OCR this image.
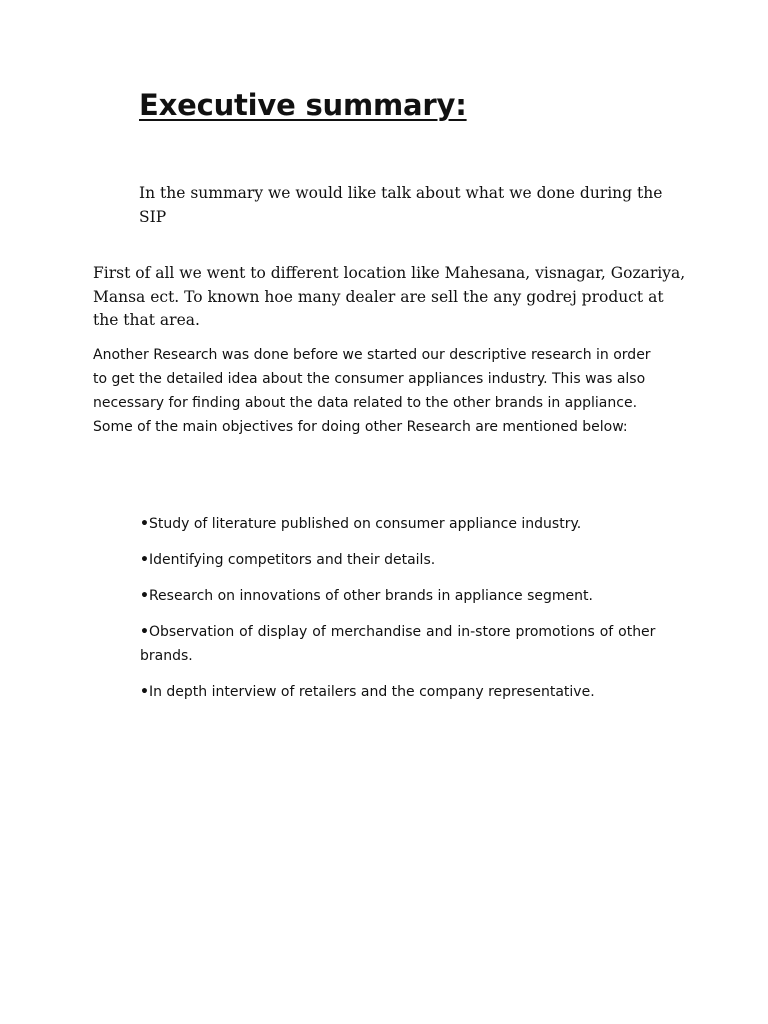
Executive summary:

In the summary we would like talk about what we done during the SIP

First of all we went to different location like Mahesana, visnagar, Gozariya, Mansa ect. To known hoe many dealer are sell the any godrej product at the that area.

Another Research was done before we started our descriptive research in order to get the detailed idea about the consumer appliances industry. This was also necessary for finding about the data related to the other brands in appliance. Some of the main objectives for doing other Research are mentioned below:

•Study of literature published on consumer appliance industry.
•Identifying competitors and their details.
•Research on innovations of other brands in appliance segment.
•Observation of display of merchandise and in-store promotions of other brands.
•In depth interview of retailers and the company representative.
